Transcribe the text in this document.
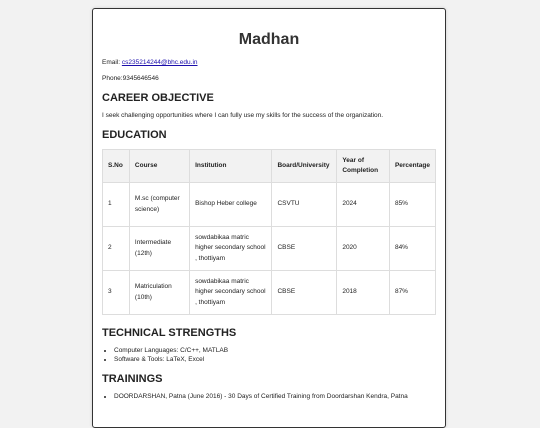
Madhan
Email: cs235214244@bhc.edu.in
Phone:9345646546
CAREER OBJECTIVE

I seek challenging opportunities where I can fully use my skills for the success of the organization.

EDUCATION
S.No	Course	Institution	Board/University	Year of Completion	Percentage
1	M.sc (computer science)	Bishop Heber college	CSVTU	2024	85%
2	Intermediate (12th)	sowdabikaa matric higher secondary school , thottiyam	CBSE	2020	84%
3	Matriculation (10th)	sowdabikaa matric higher secondary school , thottiyam	CBSE	2018	87%
TECHNICAL STRENGTHS
• Computer Languages: C/C++, MATLAB
• Software & Tools: LaTeX, Excel
TRAININGS
• DOORDARSHAN, Patna (June 2016) - 30 Days of Certified Training from Doordarshan Kendra, Patna
